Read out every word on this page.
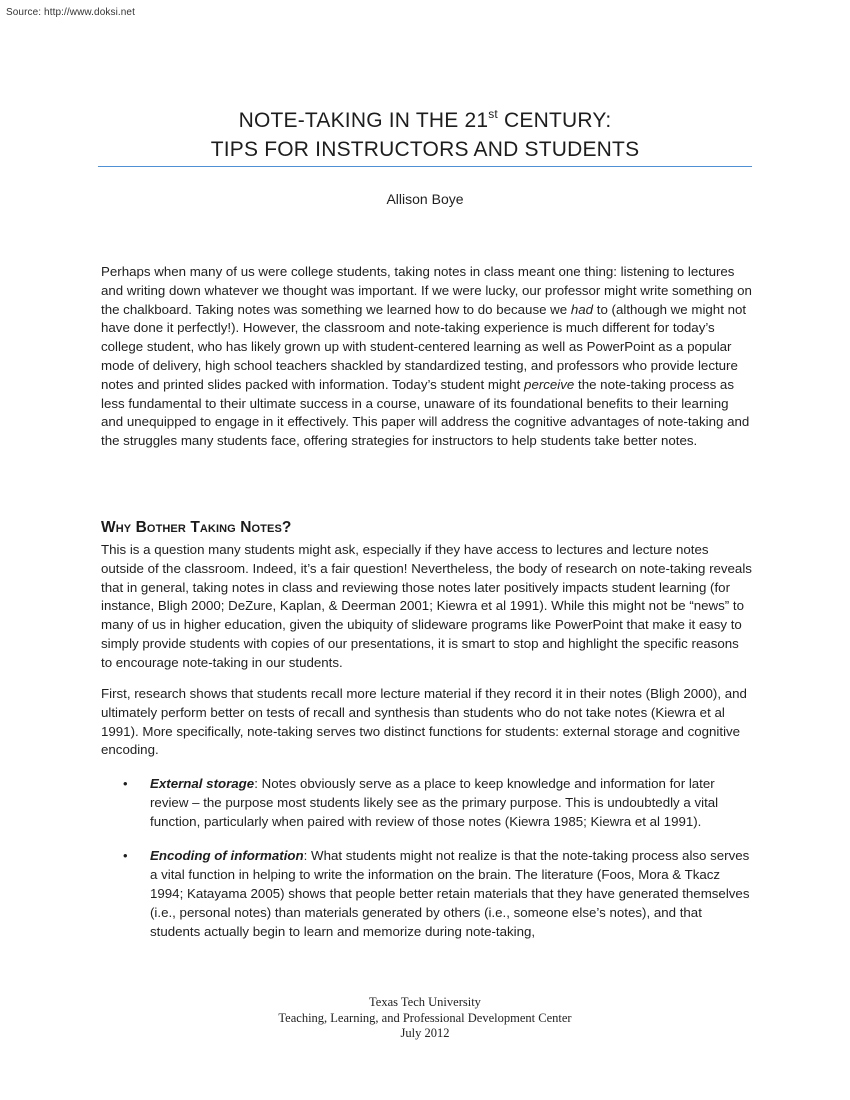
Source: http://www.doksi.net
NOTE-TAKING IN THE 21st CENTURY:
TIPS FOR INSTRUCTORS AND STUDENTS
Allison Boye
Perhaps when many of us were college students, taking notes in class meant one thing: listening to lectures and writing down whatever we thought was important. If we were lucky, our professor might write something on the chalkboard. Taking notes was something we learned how to do because we had to (although we might not have done it perfectly!). However, the classroom and note-taking experience is much different for today’s college student, who has likely grown up with student-centered learning as well as PowerPoint as a popular mode of delivery, high school teachers shackled by standardized testing, and professors who provide lecture notes and printed slides packed with information. Today’s student might perceive the note-taking process as less fundamental to their ultimate success in a course, unaware of its foundational benefits to their learning and unequipped to engage in it effectively. This paper will address the cognitive advantages of note-taking and the struggles many students face, offering strategies for instructors to help students take better notes.
Why Bother Taking Notes?
This is a question many students might ask, especially if they have access to lectures and lecture notes outside of the classroom. Indeed, it’s a fair question! Nevertheless, the body of research on note-taking reveals that in general, taking notes in class and reviewing those notes later positively impacts student learning (for instance, Bligh 2000; DeZure, Kaplan, & Deerman 2001; Kiewra et al 1991). While this might not be “news” to many of us in higher education, given the ubiquity of slideware programs like PowerPoint that make it easy to simply provide students with copies of our presentations, it is smart to stop and highlight the specific reasons to encourage note-taking in our students.
First, research shows that students recall more lecture material if they record it in their notes (Bligh 2000), and ultimately perform better on tests of recall and synthesis than students who do not take notes (Kiewra et al 1991). More specifically, note-taking serves two distinct functions for students: external storage and cognitive encoding.
• External storage: Notes obviously serve as a place to keep knowledge and information for later review – the purpose most students likely see as the primary purpose. This is undoubtedly a vital function, particularly when paired with review of those notes (Kiewra 1985; Kiewra et al 1991).
• Encoding of information: What students might not realize is that the note-taking process also serves a vital function in helping to write the information on the brain. The literature (Foos, Mora & Tkacz 1994; Katayama 2005) shows that people better retain materials that they have generated themselves (i.e., personal notes) than materials generated by others (i.e., someone else’s notes), and that students actually begin to learn and memorize during note-taking,
Texas Tech University
Teaching, Learning, and Professional Development Center
July 2012
